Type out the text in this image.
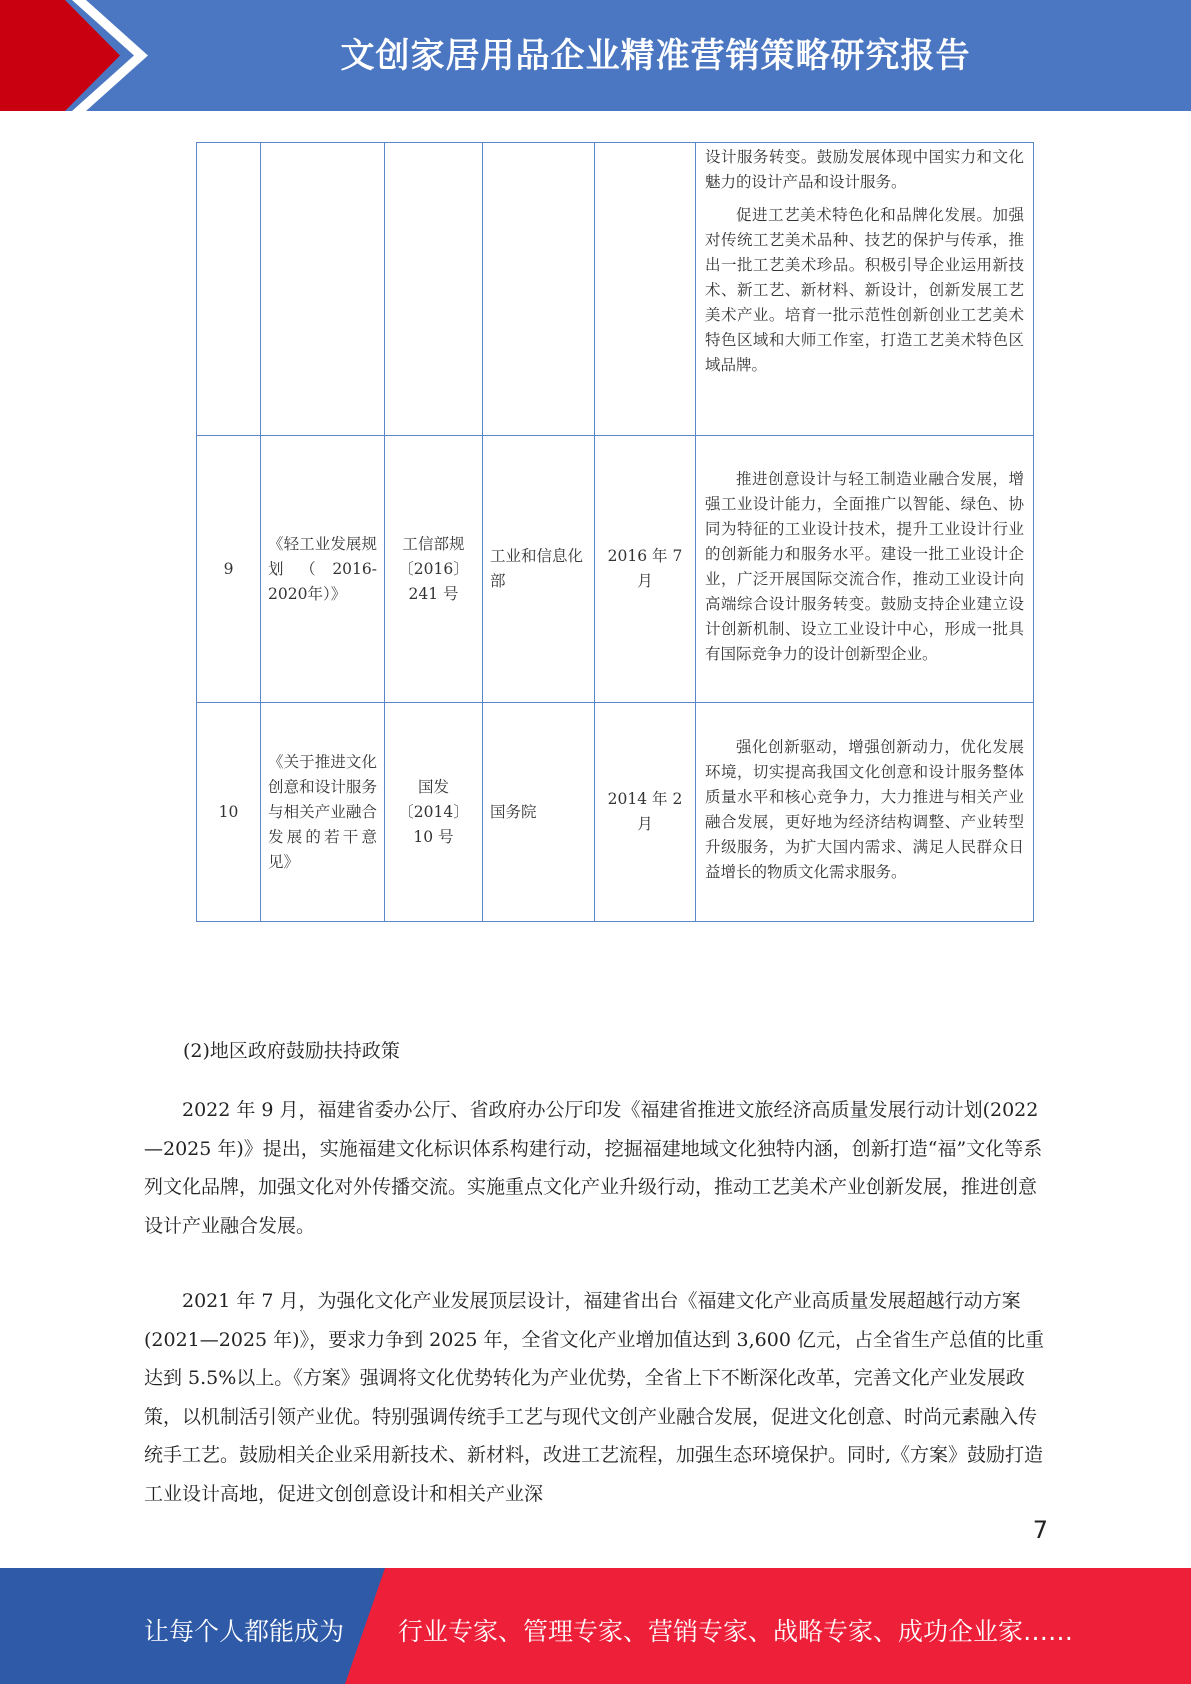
文创家居用品企业精准营销策略研究报告

					设计服务转变。鼓励发展体现中国实力和文化魅力的设计产品和设计服务。

促进工艺美术特色化和品牌化发展。加强对传统工艺美术品种、技艺的保护与传承，推出一批工艺美术珍品。积极引导企业运用新技术、新工艺、新材料、新设计，创新发展工艺美术产业。培育一批示范性创新创业工艺美术特色区域和大师工作室，打造工艺美术特色区域品牌。

9	《轻工业发展规划（2016-2020年）》	工信部规〔2016〕241 号	工业和信息化部	2016 年 7 月	推进创意设计与轻工制造业融合发展，增强工业设计能力，全面推广以智能、绿色、协同为特征的工业设计技术，提升工业设计行业的创新能力和服务水平。建设一批工业设计企业，广泛开展国际交流合作，推动工业设计向高端综合设计服务转变。鼓励支持企业建立设计创新机制、设立工业设计中心，形成一批具有国际竞争力的设计创新型企业。

10	《关于推进文化创意和设计服务与相关产业融合发展的若干意见》	国发〔2014〕10 号	国务院	2014 年 2 月	强化创新驱动，增强创新动力，优化发展环境，切实提高我国文化创意和设计服务整体质量水平和核心竞争力，大力推进与相关产业融合发展，更好地为经济结构调整、产业转型升级服务，为扩大国内需求、满足人民群众日益增长的物质文化需求服务。

(2)地区政府鼓励扶持政策

2022 年 9 月，福建省委办公厅、省政府办公厅印发《福建省推进文旅经济高质量发展行动计划(2022—2025 年)》提出，实施福建文化标识体系构建行动，挖掘福建地域文化独特内涵，创新打造“福”文化等系列文化品牌，加强文化对外传播交流。实施重点文化产业升级行动，推动工艺美术产业创新发展，推进创意设计产业融合发展。

2021 年 7 月，为强化文化产业发展顶层设计，福建省出台《福建文化产业高质量发展超越行动方案(2021—2025 年)》，要求力争到 2025 年，全省文化产业增加值达到 3,600 亿元，占全省生产总值的比重达到 5.5%以上。《方案》强调将文化优势转化为产业优势，全省上下不断深化改革，完善文化产业发展政策，以机制活引领产业优。特别强调传统手工艺与现代文创产业融合发展，促进文化创意、时尚元素融入传统手工艺。鼓励相关企业采用新技术、新材料，改进工艺流程，加强生态环境保护。同时,《方案》鼓励打造工业设计高地，促进文创创意设计和相关产业深

7
让每个人都能成为 行业专家、管理专家、营销专家、战略专家、成功企业家……
